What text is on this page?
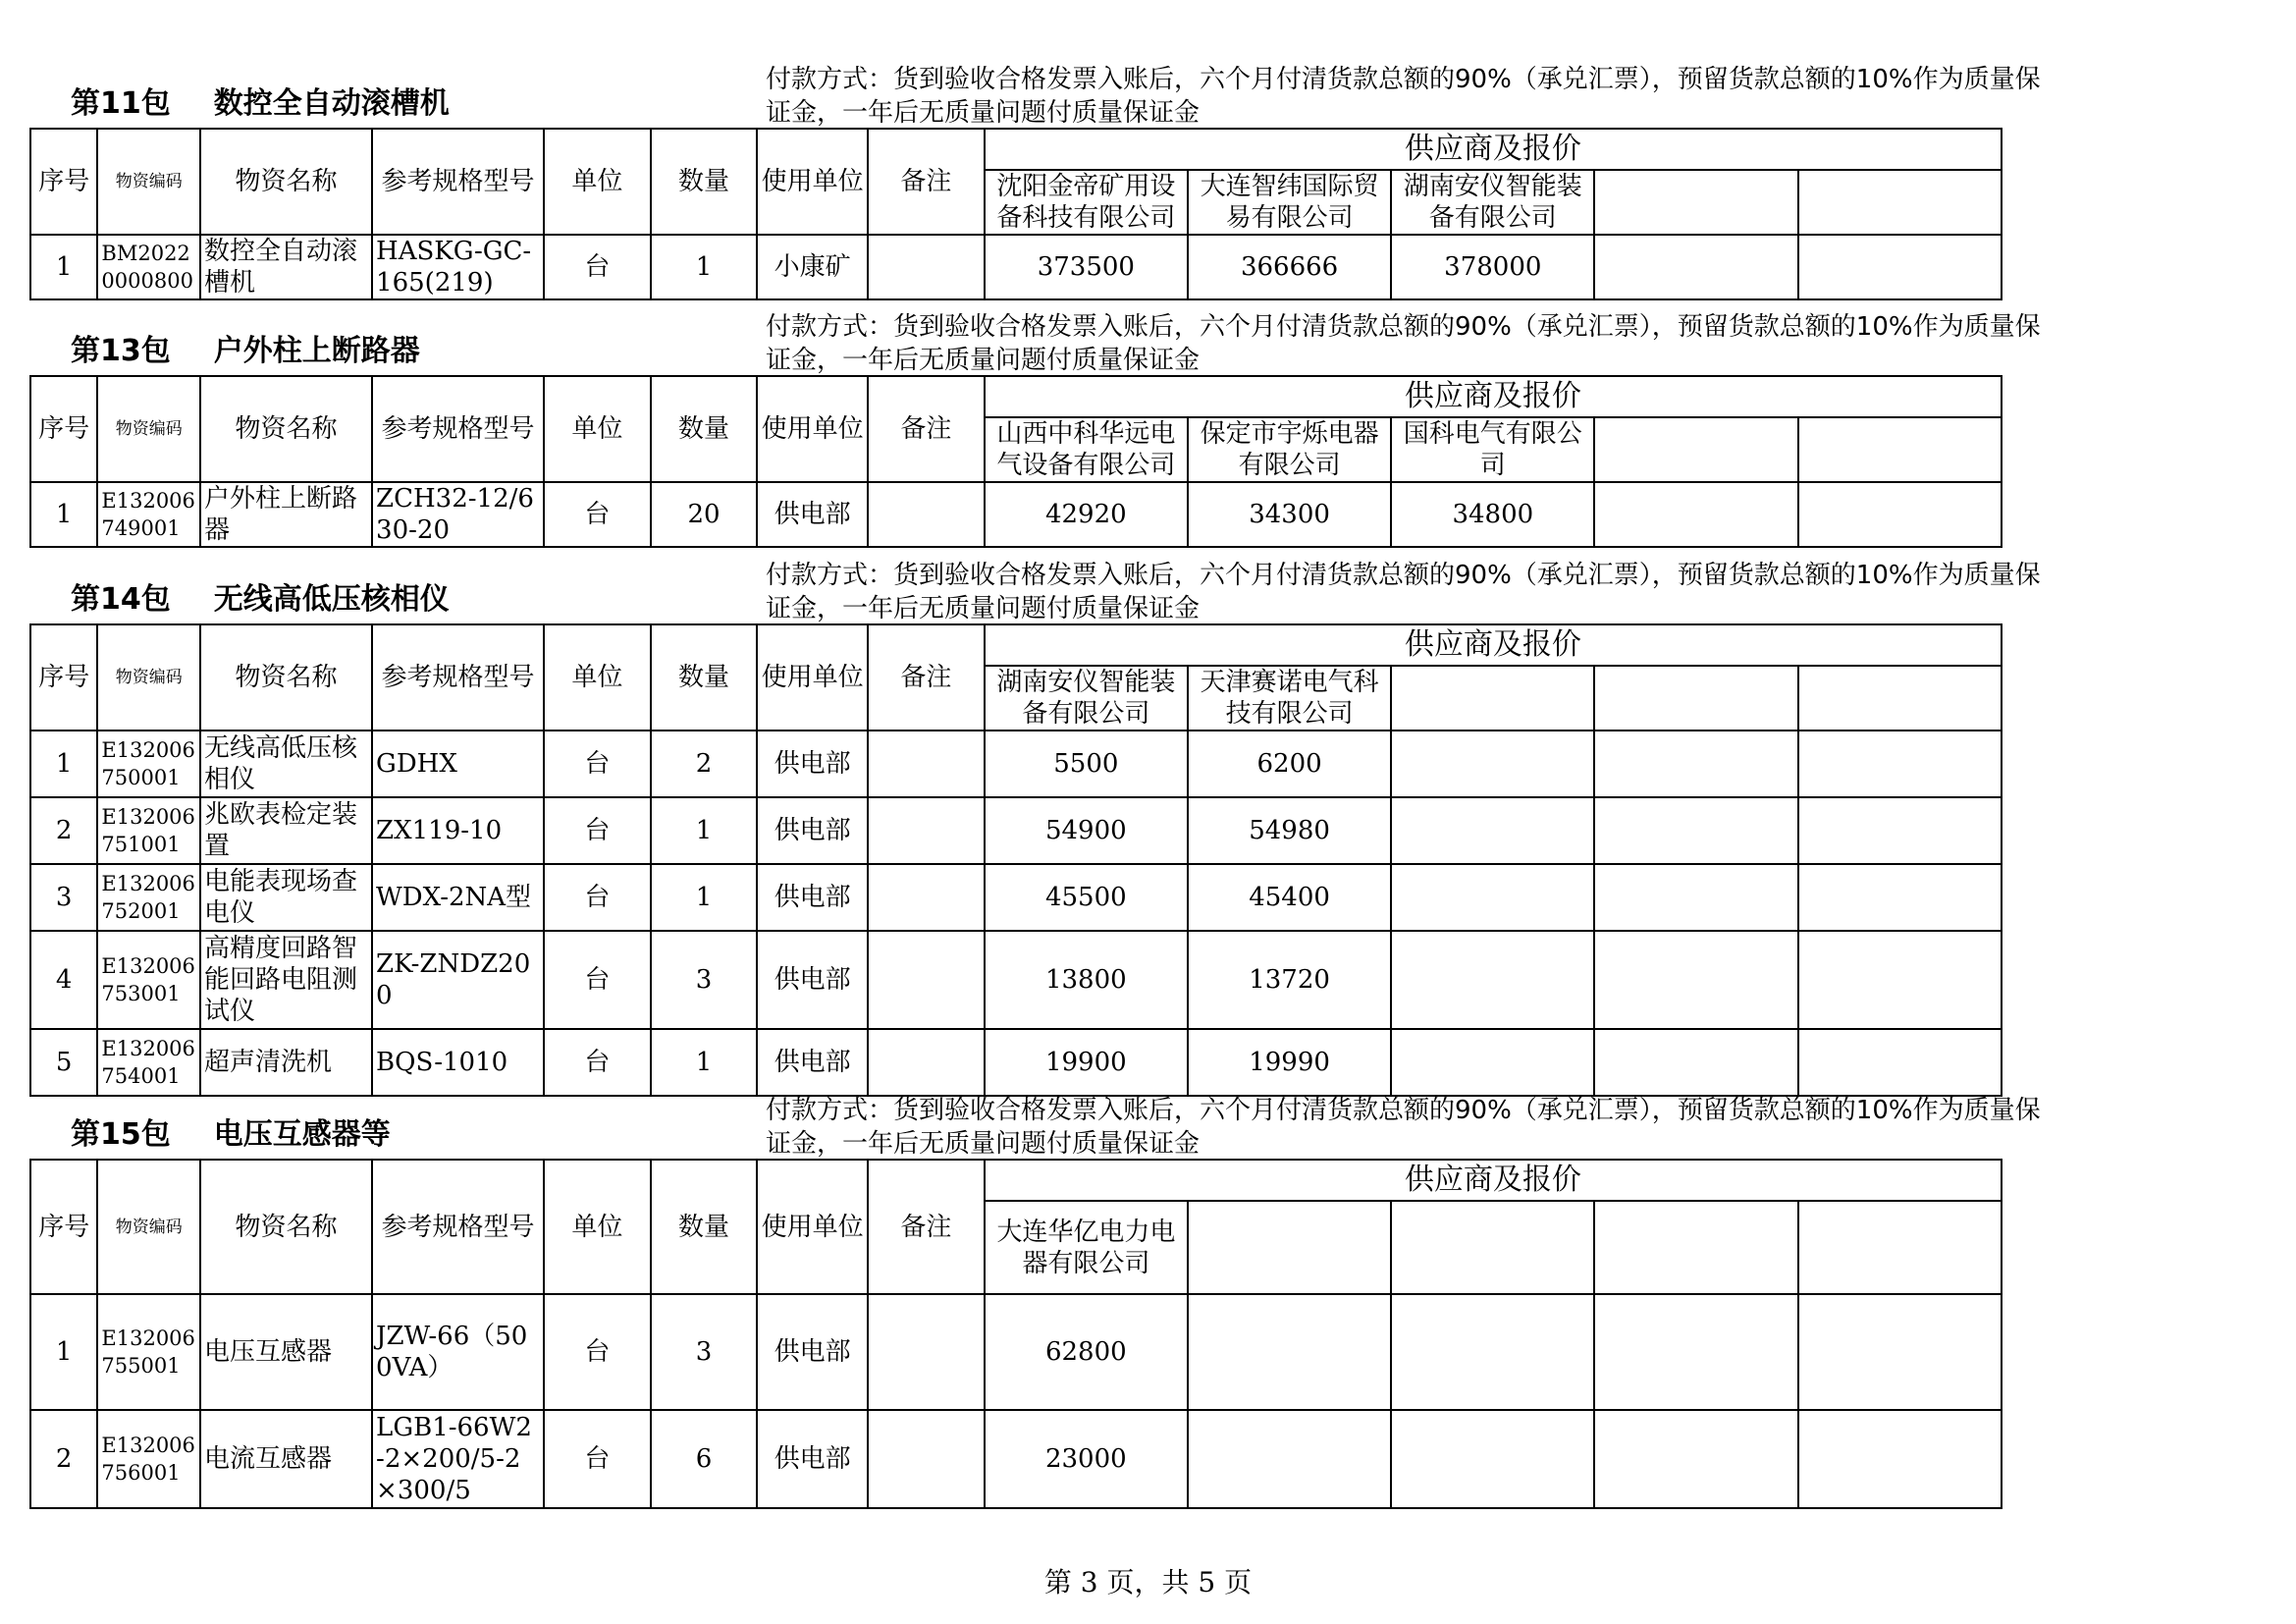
第11包 数控全自动滚槽机
付款方式：货到验收合格发票入账后，六个月付清货款总额的90%（承兑汇票），预留货款总额的10%作为质量保证金，一年后无质量问题付质量保证金
序号	物资编码	物资名称	参考规格型号	单位	数量	使用单位	备注	供应商及报价				
								沈阳金帝矿用设备科技有限公司	大连智纬国际贸易有限公司	湖南安仪智能装备有限公司		
1	BM20220000800	数控全自动滚槽机	HASKG-GC-165(219)	台	1	小康矿		373500	366666	378000		
第13包 户外柱上断路器
付款方式：货到验收合格发票入账后，六个月付清货款总额的90%（承兑汇票），预留货款总额的10%作为质量保证金，一年后无质量问题付质量保证金
序号	物资编码	物资名称	参考规格型号	单位	数量	使用单位	备注	供应商及报价				
								山西中科华远电气设备有限公司	保定市宇烁电器有限公司	国科电气有限公司		
1	E132006749001	户外柱上断路器	ZCH32-12/630-20	台	20	供电部		42920	34300	34800		
第14包 无线高低压核相仪
付款方式：货到验收合格发票入账后，六个月付清货款总额的90%（承兑汇票），预留货款总额的10%作为质量保证金，一年后无质量问题付质量保证金
序号	物资编码	物资名称	参考规格型号	单位	数量	使用单位	备注	供应商及报价				
								湖南安仪智能装备有限公司	天津赛诺电气科技有限公司			
1	E132006750001	无线高低压核相仪	GDHX	台	2	供电部		5500	6200			
2	E132006751001	兆欧表检定装置	ZX119-10	台	1	供电部		54900	54980			
3	E132006752001	电能表现场查电仪	WDX-2NA型	台	1	供电部		45500	45400			
4	E132006753001	高精度回路智能回路电阻测试仪	ZK-ZNDZ200	台	3	供电部		13800	13720			
5	E132006754001	超声清洗机	BQS-1010	台	1	供电部		19900	19990			
第15包 电压互感器等
付款方式：货到验收合格发票入账后，六个月付清货款总额的90%（承兑汇票），预留货款总额的10%作为质量保证金，一年后无质量问题付质量保证金
序号	物资编码	物资名称	参考规格型号	单位	数量	使用单位	备注	供应商及报价				
								大连华亿电力电器有限公司				
1	E132006755001	电压互感器	JZW-66（500VA）	台	3	供电部		62800				
2	E132006756001	电流互感器	LGB1-66W2-2×200/5-2×300/5	台	6	供电部		23000				
第 3 页，共 5 页
